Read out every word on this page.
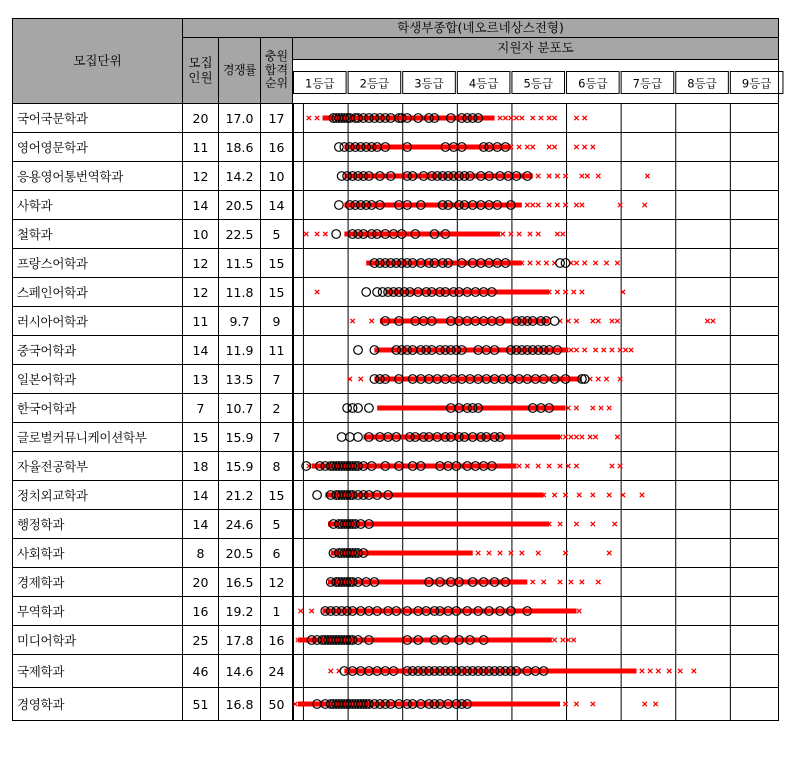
모집단위	학생부종합(네오르네상스전형)			

	모집
인원	경쟁률	충원
합격
순위	지원자 분포도

국어국문학과	20	17.0	17	
영어영문학과	11	18.6	16	
응용영어통번역학과	12	14.2	10	
사학과	14	20.5	14	
철학과	10	22.5	5	
프랑스어학과	12	11.5	15	
스페인어학과	12	11.8	15	
러시아어학과	11	9.7	9	
중국어학과	14	11.9	11	
일본어학과	13	13.5	7	
한국어학과	7	10.7	2	
글로벌커뮤니케이션학부	15	15.9	7	
자율전공학부	18	15.9	8	
정치외교학과	14	21.2	15	
행정학과	14	24.6	5	
사회학과	8	20.5	6	
경제학과	20	16.5	12	
무역학과	16	19.2	1	
미디어학과	25	17.8	16	
국제학과	46	14.6	24	
경영학과	51	16.8	50	
1등급 2등급 3등급 4등급 5등급 6등급 7등급 8등급 9등급
